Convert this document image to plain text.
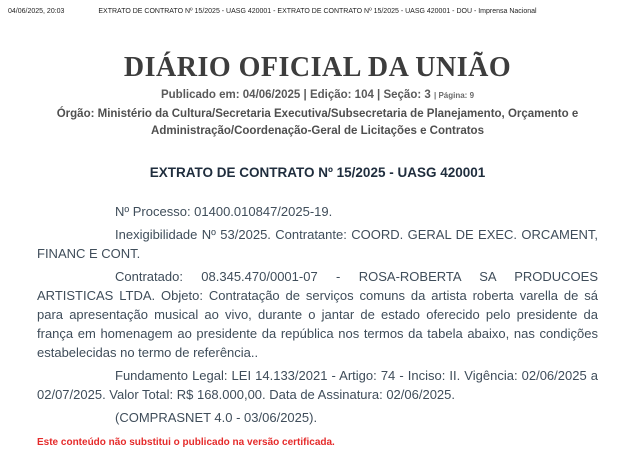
04/06/2025, 20:03	EXTRATO DE CONTRATO Nº 15/2025 - UASG 420001 - EXTRATO DE CONTRATO Nº 15/2025 - UASG 420001 - DOU - Imprensa Nacional
DIÁRIO OFICIAL DA UNIÃO
Publicado em: 04/06/2025 | Edição: 104 | Seção: 3 | Página: 9
Órgão: Ministério da Cultura/Secretaria Executiva/Subsecretaria de Planejamento, Orçamento e Administração/Coordenação-Geral de Licitações e Contratos
EXTRATO DE CONTRATO Nº 15/2025 - UASG 420001

Nº Processo: 01400.010847/2025-19.

Inexigibilidade Nº 53/2025. Contratante: COORD. GERAL DE EXEC. ORCAMENT, FINANC E CONT.

Contratado: 08.345.470/0001-07 - ROSA-ROBERTA SA PRODUCOES ARTISTICAS LTDA. Objeto: Contratação de serviços comuns da artista roberta varella de sá para apresentação musical ao vivo, durante o jantar de estado oferecido pelo presidente da frança em homenagem ao presidente da república nos termos da tabela abaixo, nas condições estabelecidas no termo de referência..

Fundamento Legal: LEI 14.133/2021 - Artigo: 74 - Inciso: II. Vigência: 02/06/2025 a 02/07/2025. Valor Total: R$ 168.000,00. Data de Assinatura: 02/06/2025.

(COMPRASNET 4.0 - 03/06/2025).

Este conteúdo não substitui o publicado na versão certificada.
